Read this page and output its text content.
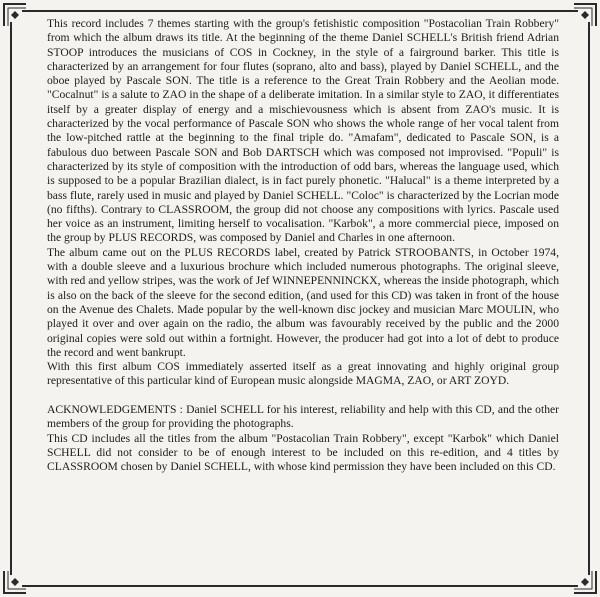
This record includes 7 themes starting with the group's fetishistic composition "Postacolian Train Robbery" from which the album draws its title. At the beginning of the theme Daniel SCHELL's British friend Adrian STOOP introduces the musicians of COS in Cockney, in the style of a fairground barker. This title is characterized by an arrangement for four flutes (soprano, alto and bass), played by Daniel SCHELL, and the oboe played by Pascale SON. The title is a reference to the Great Train Robbery and the Aeolian mode. "Cocalnut" is a salute to ZAO in the shape of a deliberate imitation. In a similar style to ZAO, it differentiates itself by a greater display of energy and a mischievousness which is absent from ZAO's music. It is characterized by the vocal performance of Pascale SON who shows the whole range of her vocal talent from the low-pitched rattle at the beginning to the final triple do. "Amafam", dedicated to Pascale SON, is a fabulous duo between Pascale SON and Bob DARTSCH which was composed not improvised. "Populi" is characterized by its style of composition with the introduction of odd bars, whereas the language used, which is supposed to be a popular Brazilian dialect, is in fact purely phonetic. "Halucal" is a theme interpreted by a bass flute, rarely used in music and played by Daniel SCHELL. "Coloc" is characterized by the Locrian mode (no fifths). Contrary to CLASSROOM, the group did not choose any compositions with lyrics. Pascale used her voice as an instrument, limiting herself to vocalisation. "Karbok", a more commercial piece, imposed on the group by PLUS RECORDS, was composed by Daniel and Charles in one afternoon.

The album came out on the PLUS RECORDS label, created by Patrick STROOBANTS, in October 1974, with a double sleeve and a luxurious brochure which included numerous photographs. The original sleeve, with red and yellow stripes, was the work of Jef WINNEPENNINCKX, whereas the inside photograph, which is also on the back of the sleeve for the second edition, (and used for this CD) was taken in front of the house on the Avenue des Chalets. Made popular by the well-known disc jockey and musician Marc MOULIN, who played it over and over again on the radio, the album was favourably received by the public and the 2000 original copies were sold out within a fortnight. However, the producer had got into a lot of debt to produce the record and went bankrupt.

With this first album COS immediately asserted itself as a great innovating and highly original group representative of this particular kind of European music alongside MAGMA, ZAO, or ART ZOYD.

ACKNOWLEDGEMENTS : Daniel SCHELL for his interest, reliability and help with this CD, and the other members of the group for providing the photographs.

This CD includes all the titles from the album "Postacolian Train Robbery", except "Karbok" which Daniel SCHELL did not consider to be of enough interest to be included on this re-edition, and 4 titles by CLASSROOM chosen by Daniel SCHELL, with whose kind permission they have been included on this CD.
